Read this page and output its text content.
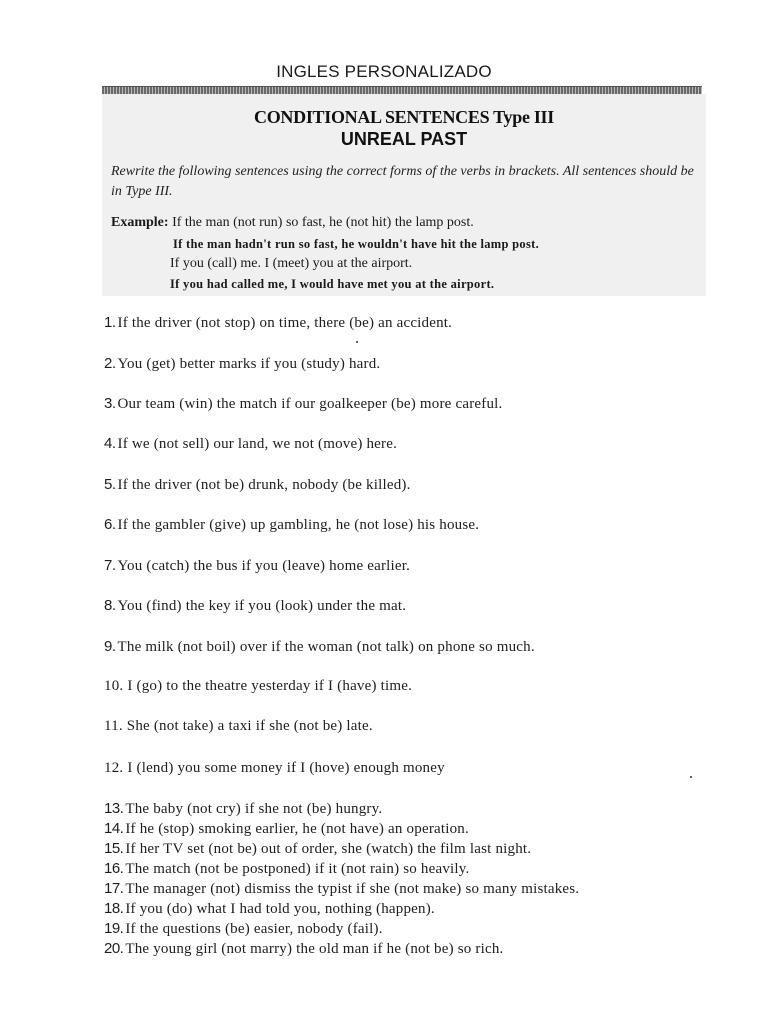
INGLES PERSONALIZADO
CONDITIONAL SENTENCES Type III
UNREAL PAST
Rewrite the following sentences using the correct forms of the verbs in brackets. All sentences should be in Type III.
Example: If the man (not run) so fast, he (not hit) the lamp post.
If the man hadn't run so fast, he wouldn't have hit the lamp post.
If you (call) me. I (meet) you at the airport.
If you had called me, I would have met you at the airport.
1. If the driver (not stop) on time, there (be) an accident.
2. You (get) better marks if you (study) hard.
3. Our team (win) the match if our goalkeeper (be) more careful.
4. If we (not sell) our land, we not (move) here.
5. If the driver (not be) drunk, nobody (be killed).
6. If the gambler (give) up gambling, he (not lose) his house.
7. You (catch) the bus if you (leave) home earlier.
8. You (find) the key if you (look) under the mat.
9. The milk (not boil) over if the woman (not talk) on phone so much.
10. I (go) to the theatre yesterday if I (have) time.
11. She (not take) a taxi if she (not be) late.
12. I (lend) you some money if I (hove) enough money
13. The baby (not cry) if she not (be) hungry.
14. If he (stop) smoking earlier, he (not have) an operation.
15. If her TV set (not be) out of order, she (watch) the film last night.
16. The match (not be postponed) if it (not rain) so heavily.
17. The manager (not) dismiss the typist if she (not make) so many mistakes.
18. If you (do) what I had told you, nothing (happen).
19. If the questions (be) easier, nobody (fail).
20. The young girl (not marry) the old man if he (not be) so rich.
